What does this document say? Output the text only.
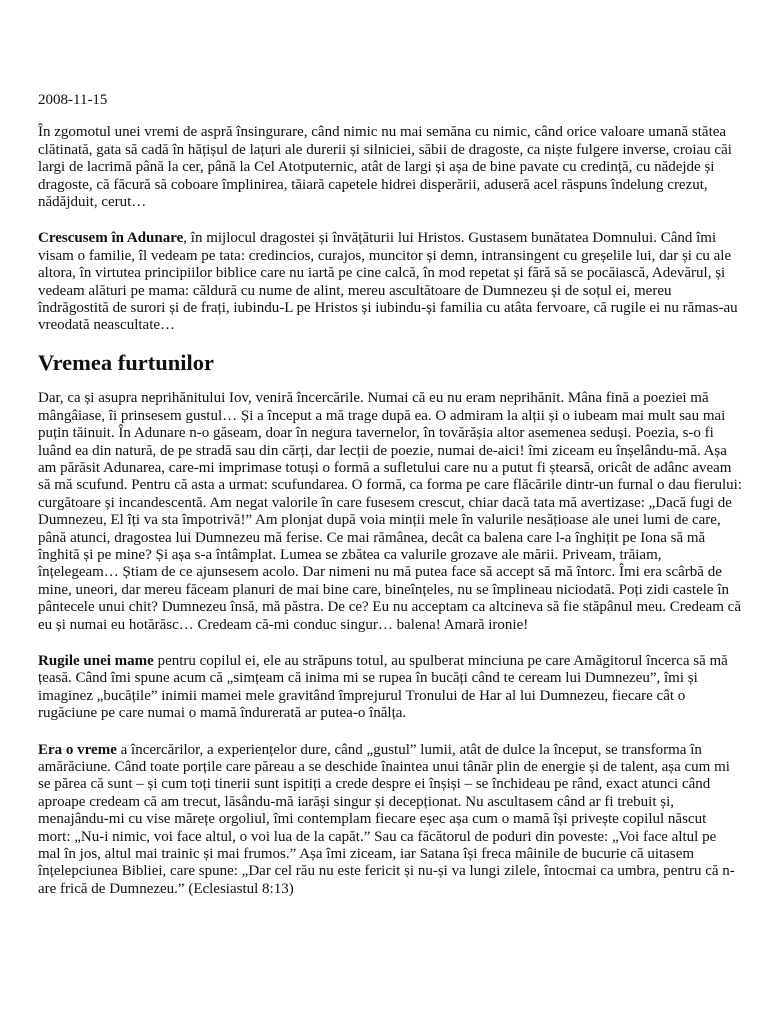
2008-11-15

În zgomotul unei vremi de aspră însingurare, când nimic nu mai semăna cu nimic, când orice valoare umană stătea
clătinată, gata să cadă în hățișul de lațuri ale durerii și silniciei, săbii de dragoste, ca niște fulgere inverse, croiau căi
largi de lacrimă până la cer, până la Cel Atotputernic, atât de largi și așa de bine pavate cu credință, cu nădejde și
dragoste, că făcură să coboare împlinirea, tăiară capetele hidrei disperării, aduseră acel răspuns îndelung crezut,
nădăjduit, cerut…

Crescusem în Adunare, în mijlocul dragostei și învățăturii lui Hristos. Gustasem bunătatea Domnului. Când îmi
visam o familie, îl vedeam pe tata: credincios, curajos, muncitor și demn, intransingent cu greșelile lui, dar și cu ale
altora, în virtutea principiilor biblice care nu iartă pe cine calcă, în mod repetat și fără să se pocăiască, Adevărul, și
vedeam alături pe mama: căldură cu nume de alint, mereu ascultătoare de Dumnezeu și de soțul ei, mereu
îndrăgostită de surori și de frați, iubindu-L pe Hristos și iubindu-și familia cu atâta fervoare, că rugile ei nu rămas-au
vreodată neascultate…

Vremea furtunilor

Dar, ca și asupra neprihănitului Iov, veniră încercările. Numai că eu nu eram neprihănit. Mâna fină a poeziei mă
mângâiase, îi prinsesem gustul… Și a început a mă trage după ea. O admiram la alții și o iubeam mai mult sau mai
puțin tăinuit. În Adunare n-o găseam, doar în negura tavernelor, în tovărășia altor asemenea seduși. Poezia, s-o fi
luând ea din natură, de pe stradă sau din cărți, dar lecții de poezie, numai de-aici! îmi ziceam eu înșelându-mă. Așa
am părăsit Adunarea, care-mi imprimase totuși o formă a sufletului care nu a putut fi ștearsă, oricât de adânc aveam
să mă scufund. Pentru că asta a urmat: scufundarea. O formă, ca forma pe care flăcările dintr-un furnal o dau fierului:
curgătoare și incandescentă. Am negat valorile în care fusesem crescut, chiar dacă tata mă avertizase: „Dacă fugi de
Dumnezeu, El îți va sta împotrivă!” Am plonjat după voia minții mele în valurile nesățioase ale unei lumi de care,
până atunci, dragostea lui Dumnezeu mă ferise. Ce mai rămânea, decât ca balena care l-a înghițit pe Iona să mă
înghită și pe mine? Și așa s-a întâmplat. Lumea se zbătea ca valurile grozave ale mării. Priveam, trăiam,
înțelegeam… Știam de ce ajunsesem acolo. Dar nimeni nu mă putea face să accept să mă întorc. Îmi era scârbă de
mine, uneori, dar mereu făceam planuri de mai bine care, bineînțeles, nu se împlineau niciodată. Poți zidi castele în
pântecele unui chit? Dumnezeu însă, mă păstra. De ce? Eu nu acceptam ca altcineva să fie stăpânul meu. Credeam că
eu și numai eu hotărăsc… Credeam că-mi conduc singur… balena! Amară ironie!

Rugile unei mame pentru copilul ei, ele au străpuns totul, au spulberat minciuna pe care Amăgitorul încerca să mă
țeasă. Când îmi spune acum că „simțeam că inima mi se rupea în bucăți când te ceream lui Dumnezeu”, îmi și
imaginez „bucățile” inimii mamei mele gravitând împrejurul Tronului de Har al lui Dumnezeu, fiecare cât o
rugăciune pe care numai o mamă îndurerată ar putea-o înălța.

Era o vreme a încercărilor, a experiențelor dure, când „gustul” lumii, atât de dulce la început, se transforma în
amărăciune. Când toate porțile care păreau a se deschide înaintea unui tânăr plin de energie și de talent, așa cum mi
se părea că sunt – și cum toți tinerii sunt ispitiți a crede despre ei înșiși – se închideau pe rând, exact atunci când
aproape credeam că am trecut, lăsându-mă iarăși singur și decepționat. Nu ascultasem când ar fi trebuit și,
menajându-mi cu vise mărețe orgoliul, îmi contemplam fiecare eșec așa cum o mamă își privește copilul născut
mort: „Nu-i nimic, voi face altul, o voi lua de la capăt.” Sau ca făcătorul de poduri din poveste: „Voi face altul pe
mal în jos, altul mai trainic și mai frumos.” Așa îmi ziceam, iar Satana își freca mâinile de bucurie că uitasem
înțelepciunea Bibliei, care spune: „Dar cel rău nu este fericit și nu-și va lungi zilele, întocmai ca umbra, pentru că n-
are frică de Dumnezeu.” (Eclesiastul 8:13)
